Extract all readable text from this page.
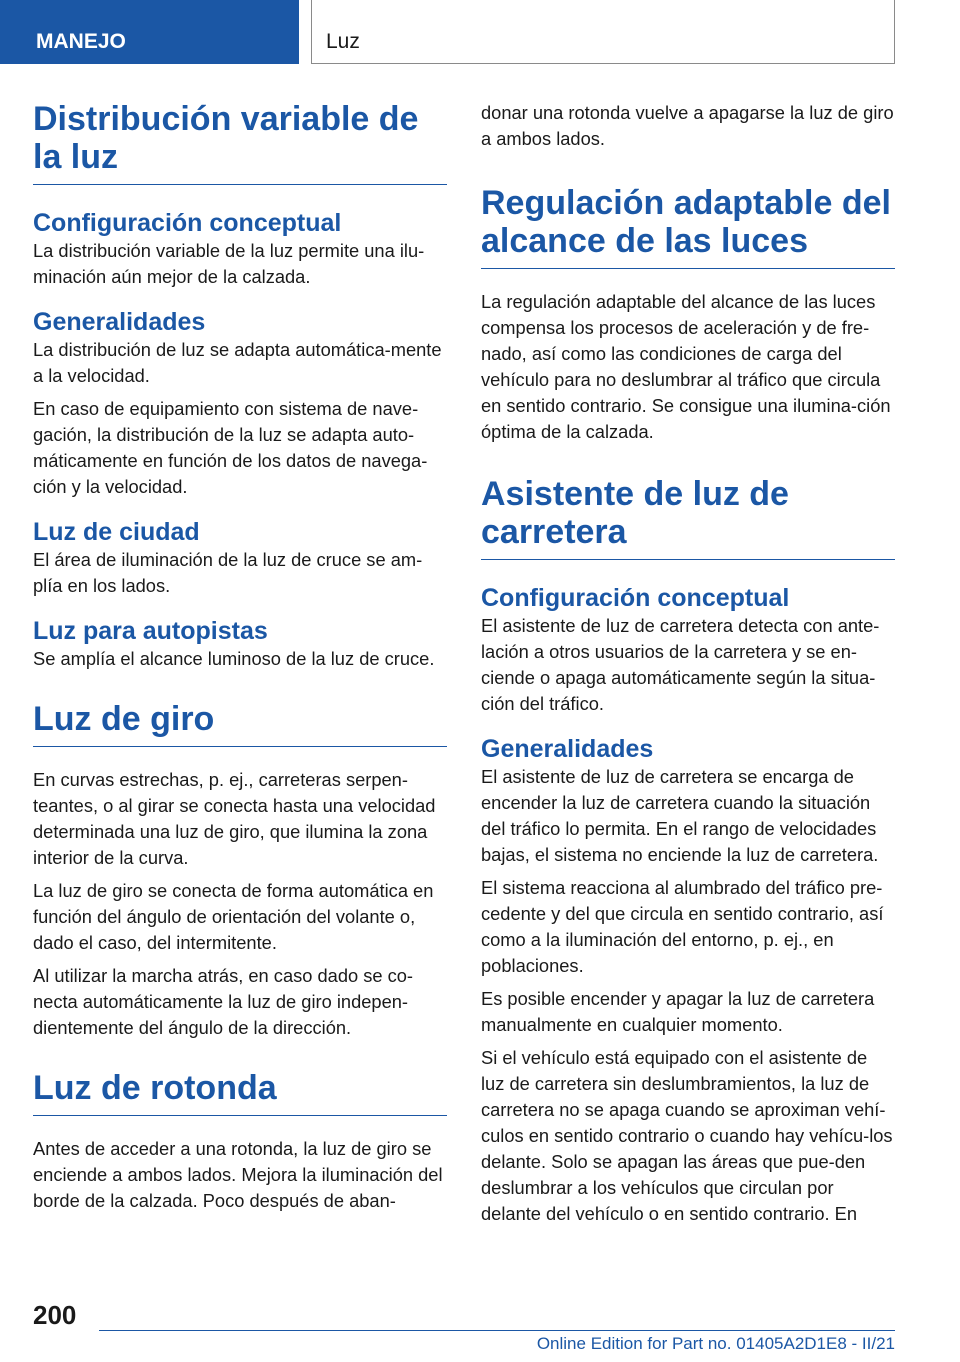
MANEJO	Luz
Distribución variable de la luz
Configuración conceptual

La distribución variable de la luz permite una ilu-minación aún mejor de la calzada.

Generalidades

La distribución de luz se adapta automática-mente a la velocidad.

En caso de equipamiento con sistema de nave-gación, la distribución de la luz se adapta auto-máticamente en función de los datos de navega-ción y la velocidad.

Luz de ciudad

El área de iluminación de la luz de cruce se am-plía en los lados.

Luz para autopistas

Se amplía el alcance luminoso de la luz de cruce.

Luz de giro

En curvas estrechas, p. ej., carreteras serpen-teantes, o al girar se conecta hasta una velocidad determinada una luz de giro, que ilumina la zona interior de la curva.

La luz de giro se conecta de forma automática en función del ángulo de orientación del volante o, dado el caso, del intermitente.

Al utilizar la marcha atrás, en caso dado se co-necta automáticamente la luz de giro indepen-dientemente del ángulo de la dirección.

Luz de rotonda

Antes de acceder a una rotonda, la luz de giro se enciende a ambos lados. Mejora la iluminación del borde de la calzada. Poco después de aban-

donar una rotonda vuelve a apagarse la luz de giro a ambos lados.

Regulación adaptable del alcance de las luces

La regulación adaptable del alcance de las luces compensa los procesos de aceleración y de fre-nado, así como las condiciones de carga del vehículo para no deslumbrar al tráfico que circula en sentido contrario. Se consigue una ilumina-ción óptima de la calzada.

Asistente de luz de carretera
Configuración conceptual

El asistente de luz de carretera detecta con ante-lación a otros usuarios de la carretera y se en-ciende o apaga automáticamente según la situa-ción del tráfico.

Generalidades

El asistente de luz de carretera se encarga de encender la luz de carretera cuando la situación del tráfico lo permita. En el rango de velocidades bajas, el sistema no enciende la luz de carretera.

El sistema reacciona al alumbrado del tráfico pre-cedente y del que circula en sentido contrario, así como a la iluminación del entorno, p. ej., en poblaciones.

Es posible encender y apagar la luz de carretera manualmente en cualquier momento.

Si el vehículo está equipado con el asistente de luz de carretera sin deslumbramientos, la luz de carretera no se apaga cuando se aproximan vehí-culos en sentido contrario o cuando hay vehícu-los delante. Solo se apagan las áreas que pue-den deslumbrar a los vehículos que circulan por delante del vehículo o en sentido contrario. En

200
Online Edition for Part no. 01405A2D1E8 - II/21
